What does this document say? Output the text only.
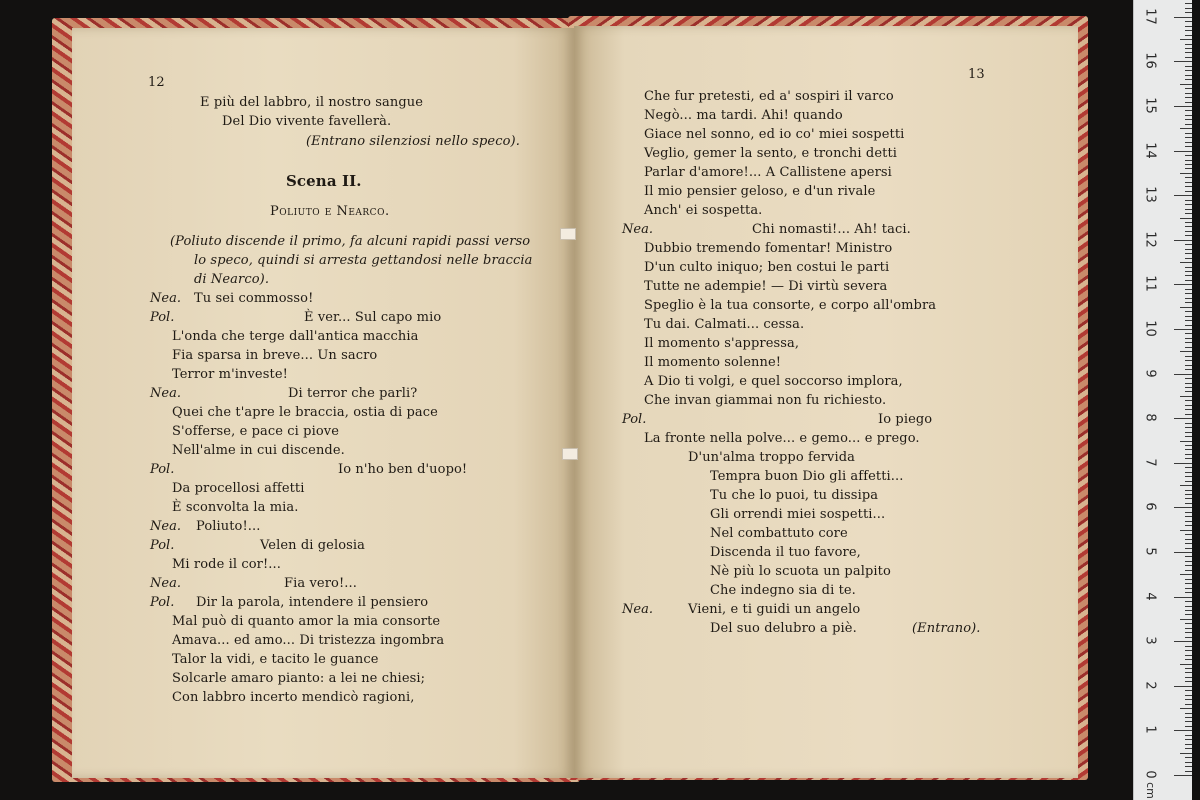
12
E più del labbro, il nostro sangue
Del Dio vivente favellerà.
(Entrano silenziosi nello speco).
Scena II.
Poliuto e Nearco.
(Poliuto discende il primo, fa alcuni rapidi passi verso
lo speco, quindi si arresta gettandosi nelle braccia
di Nearco).
Nea. Tu sei commosso!
Pol.	È ver... Sul capo mio
L'onda che terge dall'antica macchia
Fia sparsa in breve... Un sacro
Terror m'investe!
Nea.	Di terror che parli?
Quei che t'apre le braccia, ostia di pace
S'offerse, e pace ci piove
Nell'alme in cui discende.
Pol.	Io n'ho ben d'uopo!
Da procellosi affetti
È sconvolta la mia.
Nea. Poliuto!...
Pol.	Velen di gelosia
Mi rode il cor!...
Nea.	Fia vero!...
Pol. Dir la parola, intendere il pensiero
Mal può di quanto amor la mia consorte
Amava... ed amo... Di tristezza ingombra
Talor la vidi, e tacito le guance
Solcarle amaro pianto: a lei ne chiesi;
Con labbro incerto mendicò ragioni,
13
Che fur pretesti, ed a' sospiri il varco
Negò... ma tardi. Ahi! quando
Giace nel sonno, ed io co' miei sospetti
Veglio, gemer la sento, e tronchi detti
Parlar d'amore!... A Callistene apersi
Il mio pensier geloso, e d'un rivale
Anch' ei sospetta.
Nea.	Chi nomasti!... Ah! taci.
Dubbio tremendo fomentar! Ministro
D'un culto iniquo; ben costui le parti
Tutte ne adempie! — Di virtù severa
Speglio è la tua consorte, e corpo all'ombra
Tu dai. Calmati... cessa.
Il momento s'appressa,
Il momento solenne!
A Dio ti volgi, e quel soccorso implora,
Che invan giammai non fu richiesto.
Pol.	Io piego
La fronte nella polve... e gemo... e prego.
D'un'alma troppo fervida
Tempra buon Dio gli affetti...
Tu che lo puoi, tu dissipa
Gli orrendi miei sospetti...
Nel combattuto core
Discenda il tuo favore,
Nè più lo scuota un palpito
Che indegno sia di te.
Nea.	Vieni, e ti guidi un angelo
Del suo delubro a piè.	(Entrano).
0
1
2
3
4
5
6
7
8
9
10
11
12
13
14
15
16
17
cm
